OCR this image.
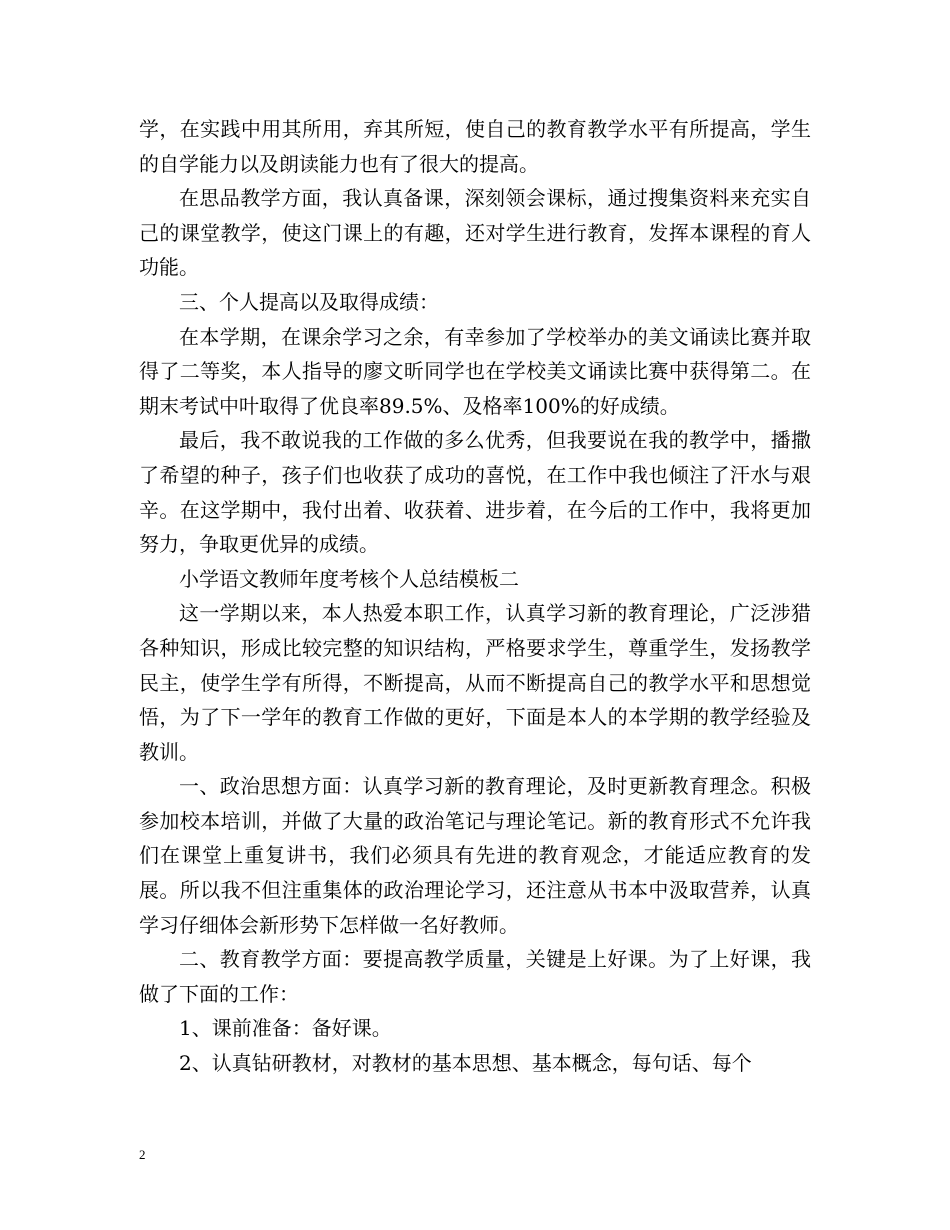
学，在实践中用其所用，弃其所短，使自己的教育教学水平有所提高，学生的自学能力以及朗读能力也有了很大的提高。

在思品教学方面，我认真备课，深刻领会课标，通过搜集资料来充实自己的课堂教学，使这门课上的有趣，还对学生进行教育，发挥本课程的育人功能。

三、个人提高以及取得成绩：

在本学期，在课余学习之余，有幸参加了学校举办的美文诵读比赛并取得了二等奖，本人指导的廖文昕同学也在学校美文诵读比赛中获得第二。在期末考试中叶取得了优良率89.5%、及格率100%的好成绩。

最后，我不敢说我的工作做的多么优秀，但我要说在我的教学中，播撒了希望的种子，孩子们也收获了成功的喜悦，在工作中我也倾注了汗水与艰辛。在这学期中，我付出着、收获着、进步着，在今后的工作中，我将更加努力，争取更优异的成绩。

小学语文教师年度考核个人总结模板二

这一学期以来，本人热爱本职工作，认真学习新的教育理论，广泛涉猎各种知识，形成比较完整的知识结构，严格要求学生，尊重学生，发扬教学民主，使学生学有所得，不断提高，从而不断提高自己的教学水平和思想觉悟，为了下一学年的教育工作做的更好，下面是本人的本学期的教学经验及教训。

一、政治思想方面：认真学习新的教育理论，及时更新教育理念。积极参加校本培训，并做了大量的政治笔记与理论笔记。新的教育形式不允许我们在课堂上重复讲书，我们必须具有先进的教育观念，才能适应教育的发展。所以我不但注重集体的政治理论学习，还注意从书本中汲取营养，认真学习仔细体会新形势下怎样做一名好教师。

二、教育教学方面：要提高教学质量，关键是上好课。为了上好课，我做了下面的工作：

1、课前准备：备好课。

2、认真钻研教材，对教材的基本思想、基本概念，每句话、每个

2
